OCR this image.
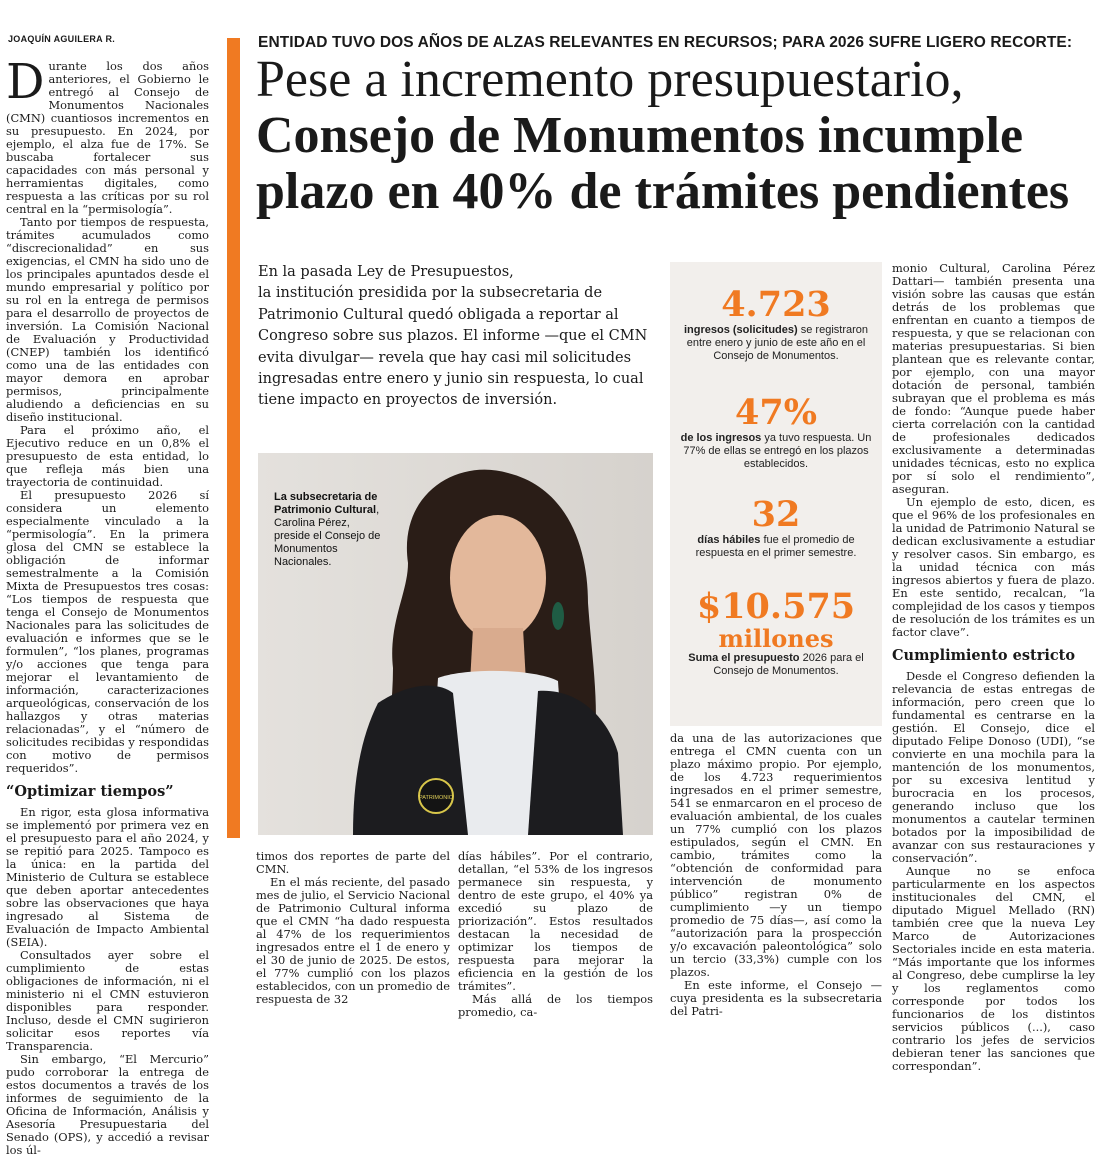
JOAQUÍN AGUILERA R.

Durante los dos años anteriores, el Gobierno le entregó al Consejo de Monumentos Nacionales (CMN) cuantiosos incrementos en su presupuesto. En 2024, por ejemplo, el alza fue de 17%. Se buscaba fortalecer sus capacidades con más personal y herramientas digitales, como respuesta a las críticas por su rol central en la “permisología”.

Tanto por tiempos de respuesta, trámites acumulados como “discrecionalidad” en sus exigencias, el CMN ha sido uno de los principales apuntados desde el mundo empresarial y político por su rol en la entrega de permisos para el desarrollo de proyectos de inversión. La Comisión Nacional de Evaluación y Productividad (CNEP) también los identificó como una de las entidades con mayor demora en aprobar permisos, principalmente aludiendo a deficiencias en su diseño institucional.

Para el próximo año, el Ejecutivo reduce en un 0,8% el presupuesto de esta entidad, lo que refleja más bien una trayectoria de continuidad.

El presupuesto 2026 sí considera un elemento especialmente vinculado a la “permisología”. En la primera glosa del CMN se establece la obligación de informar semestralmente a la Comisión Mixta de Presupuestos tres cosas: “Los tiempos de respuesta que tenga el Consejo de Monumentos Nacionales para las solicitudes de evaluación e informes que se le formulen”, “los planes, programas y/o acciones que tenga para mejorar el levantamiento de información, caracterizaciones arqueológicas, conservación de los hallazgos y otras materias relacionadas”, y el “número de solicitudes recibidas y respondidas con motivo de permisos requeridos”.

“Optimizar tiempos”

En rigor, esta glosa informativa se implementó por primera vez en el presupuesto para el año 2024, y se repitió para 2025. Tampoco es la única: en la partida del Ministerio de Cultura se establece que deben aportar antecedentes sobre las observaciones que haya ingresado al Sistema de Evaluación de Impacto Ambiental (SEIA).

Consultados ayer sobre el cumplimiento de estas obligaciones de información, ni el ministerio ni el CMN estuvieron disponibles para responder. Incluso, desde el CMN sugirieron solicitar esos reportes vía Transparencia.

Sin embargo, “El Mercurio” pudo corroborar la entrega de estos documentos a través de los informes de seguimiento de la Oficina de Información, Análisis y Asesoría Presupuestaria del Senado (OPS), y accedió a revisar los úl-

ENTIDAD TUVO DOS AÑOS DE ALZAS RELEVANTES EN RECURSOS; PARA 2026 SUFRE LIGERO RECORTE:
Pese a incremento presupuestario,
Consejo de Monumentos incumple
plazo en 40% de trámites pendientes
En la pasada Ley de Presupuestos,
la institución presidida por la subsecretaria de
Patrimonio Cultural quedó obligada a reportar al
Congreso sobre sus plazos. El informe —que el CMN
evita divulgar— revela que hay casi mil solicitudes
ingresadas entre enero y junio sin respuesta, lo cual
tiene impacto en proyectos de inversión.
PATRIMONIO
La subsecretaria de Patrimonio Cultural, Carolina Pérez, preside el Consejo de Monumentos Nacionales.
4.723
ingresos (solicitudes) se registraron entre enero y junio de este año en el Consejo de Monumentos.
47%
de los ingresos ya tuvo respuesta. Un 77% de ellas se entregó en los plazos establecidos.
32
días hábiles fue el promedio de respuesta en el primer semestre.
$10.575
millones
Suma el presupuesto 2026 para el Consejo de Monumentos.

timos dos reportes de parte del CMN.

En el más reciente, del pasado mes de julio, el Servicio Nacional de Patrimonio Cultural informa que el CMN “ha dado respuesta al 47% de los requerimientos ingresados entre el 1 de enero y el 30 de junio de 2025. De estos, el 77% cumplió con los plazos establecidos, con un promedio de respuesta de 32

días hábiles”. Por el contrario, detallan, “el 53% de los ingresos permanece sin respuesta, y dentro de este grupo, el 40% ya excedió su plazo de priorización”. Estos resultados destacan la necesidad de optimizar los tiempos de respuesta para mejorar la eficiencia en la gestión de los trámites”.

Más allá de los tiempos promedio, ca-

da una de las autorizaciones que entrega el CMN cuenta con un plazo máximo propio. Por ejemplo, de los 4.723 requerimientos ingresados en el primer semestre, 541 se enmarcaron en el proceso de evaluación ambiental, de los cuales un 77% cumplió con los plazos estipulados, según el CMN. En cambio, trámites como la “obtención de conformidad para intervención de monumento público” registran 0% de cumplimiento —y un tiempo promedio de 75 días—, así como la “autorización para la prospección y/o excavación paleontológica” solo un tercio (33,3%) cumple con los plazos.

En este informe, el Consejo —cuya presidenta es la subsecretaria del Patri-

monio Cultural, Carolina Pérez Dattari— también presenta una visión sobre las causas que están detrás de los problemas que enfrentan en cuanto a tiempos de respuesta, y que se relacionan con materias presupuestarias. Si bien plantean que es relevante contar, por ejemplo, con una mayor dotación de personal, también subrayan que el problema es más de fondo: “Aunque puede haber cierta correlación con la cantidad de profesionales dedicados exclusivamente a determinadas unidades técnicas, esto no explica por sí solo el rendimiento”, aseguran.

Un ejemplo de esto, dicen, es que el 96% de los profesionales en la unidad de Patrimonio Natural se dedican exclusivamente a estudiar y resolver casos. Sin embargo, es la unidad técnica con más ingresos abiertos y fuera de plazo. En este sentido, recalcan, “la complejidad de los casos y tiempos de resolución de los trámites es un factor clave”.

Cumplimiento estricto

Desde el Congreso defienden la relevancia de estas entregas de información, pero creen que lo fundamental es centrarse en la gestión. El Consejo, dice el diputado Felipe Donoso (UDI), “se convierte en una mochila para la mantención de los monumentos, por su excesiva lentitud y burocracia en los procesos, generando incluso que los monumentos a cautelar terminen botados por la imposibilidad de avanzar con sus restauraciones y conservación”.

Aunque no se enfoca particularmente en los aspectos institucionales del CMN, el diputado Miguel Mellado (RN) también cree que la nueva Ley Marco de Autorizaciones Sectoriales incide en esta materia. “Más importante que los informes al Congreso, debe cumplirse la ley y los reglamentos como corresponde por todos los funcionarios de los distintos servicios públicos (...), caso contrario los jefes de servicios debieran tener las sanciones que correspondan”.
